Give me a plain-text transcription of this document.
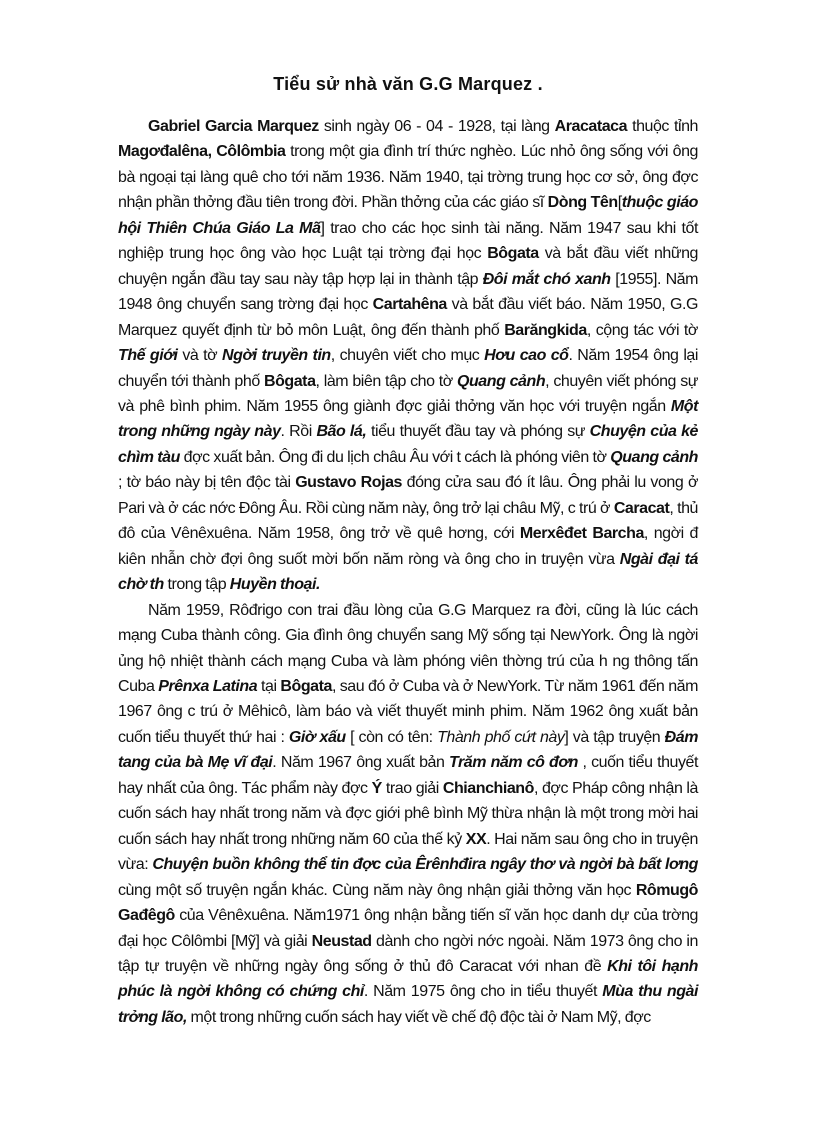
Tiểu sử nhà văn G.G Marquez .

Gabriel Garcia Marquez sinh ngày 06 - 04 - 1928, tại làng Aracataca thuộc tỉnh Magơđalêna, Côlômbia trong một gia đình trí thức nghèo. Lúc nhỏ ông sống với ông bà ngoại tại làng quê cho tới năm 1936. Năm 1940, tại trờng trung học cơ sở, ông đợc nhận phần thởng đầu tiên trong đời. Phần thởng của các giáo sĩ Dòng Tên[thuộc giáo hội Thiên Chúa Giáo La Mã] trao cho các học sinh tài năng. Năm 1947 sau khi tốt nghiệp trung học ông vào học Luật tại trờng đại học Bôgata và bắt đầu viết những chuyện ngắn đầu tay sau này tập hợp lại in thành tập Đôi mắt chó xanh [1955]. Năm 1948 ông chuyển sang trờng đại học Cartahêna và bắt đầu viết báo. Năm 1950, G.G Marquez quyết định từ bỏ môn Luật, ông đến thành phố Barăngkida, cộng tác với tờ Thế giới và tờ Ngời truyền tin, chuyên viết cho mục Hơu cao cổ. Năm 1954 ông lại chuyển tới thành phố Bôgata, làm biên tập cho tờ Quang cảnh, chuyên viết phóng sự và phê bình phim. Năm 1955 ông giành đợc giải thởng văn học với truyện ngắn Một trong những ngày này. Rồi Bão lá, tiểu thuyết đầu tay và phóng sự Chuyện của kẻ chìm tàu đợc xuất bản. Ông đi du lịch châu Âu với t cách là phóng viên tờ Quang cảnh ; tờ báo này bị tên độc tài Gustavo Rojas đóng cửa sau đó ít lâu. Ông phải lu vong ở Pari và ở các nớc Đông Âu. Rồi cùng năm này, ông trở lại châu Mỹ, c trú ở Caracat, thủ đô của Vênêxuêna. Năm 1958, ông trở về quê hơng, cới Merxêđet Barcha, ngời đ kiên nhẫn chờ đợi ông suốt mời bốn năm ròng và ông cho in truyện vừa Ngài đại tá chờ th trong tập Huyền thoại.

Năm 1959, Rôđrigo con trai đầu lòng của G.G Marquez ra đời, cũng là lúc cách mạng Cuba thành công. Gia đình ông chuyển sang Mỹ sống tại NewYork. Ông là ngời ủng hộ nhiệt thành cách mạng Cuba và làm phóng viên thờng trú của h ng thông tấn Cuba Prênxa Latina tại Bôgata, sau đó ở Cuba và ở NewYork. Từ năm 1961 đến năm 1967 ông c trú ở Mêhicô, làm báo và viết thuyết minh phim. Năm 1962 ông xuất bản cuốn tiểu thuyết thứ hai : Giờ xấu [ còn có tên: Thành phố cứt này] và tập truyện Đám tang của bà Mẹ vĩ đại. Năm 1967 ông xuất bản Trăm năm cô đơn , cuốn tiểu thuyết hay nhất của ông. Tác phẩm này đợc Ý trao giải Chianchianô, đợc Pháp công nhận là cuốn sách hay nhất trong năm và đợc giới phê bình Mỹ thừa nhận là một trong mời hai cuốn sách hay nhất trong những năm 60 của thế kỷ XX. Hai năm sau ông cho in truyện vừa: Chuyện buồn không thể tin đợc của Êrênhđira ngây thơ và ngời bà bất lơng cùng một số truyện ngắn khác. Cùng năm này ông nhận giải thởng văn học Rômugô Gađêgô của Vênêxuêna. Năm1971 ông nhận bằng tiến sĩ văn học danh dự của trờng đại học Côlômbi [Mỹ] và giải Neustad dành cho ngời nớc ngoài. Năm 1973 ông cho in tập tự truyện về những ngày ông sống ở thủ đô Caracat với nhan đề Khi tôi hạnh phúc là ngời không có chứng chỉ. Năm 1975 ông cho in tiểu thuyết Mùa thu ngài trởng lão, một trong những cuốn sách hay viết về chế độ độc tài ở Nam Mỹ, đợc
